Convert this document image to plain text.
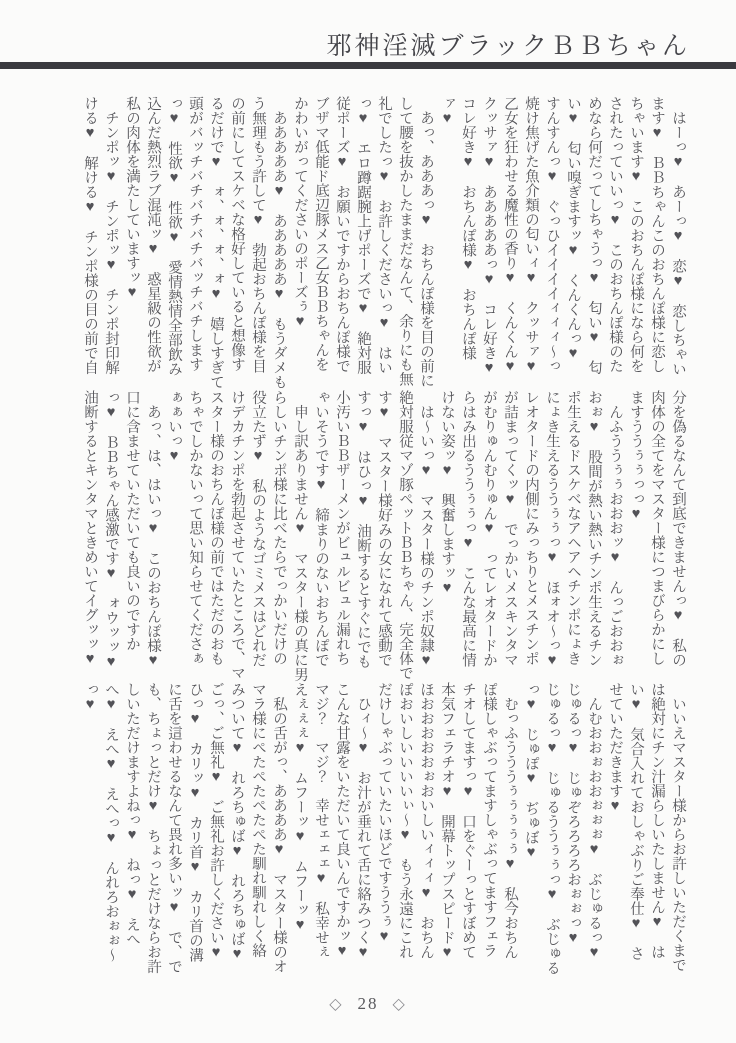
邪神淫滅ブラックＢＢちゃん

　はーっ♥　あーっ♥　恋♥　恋しちゃい

ます♥　ＢＢちゃんこのおちんぽ様に恋し

ちゃいます♥　このおちんぽ様になら何を

されたっていいっ♥　このおちんぽ様のた

めなら何だってしちゃうっ♥　匂い♥　匂

い♥　匂い嗅ぎますッ♥　くんくんっ♥

すんすんっ♥　ぐっひイイイイィィィ～っ

焼け焦げた魚介類の匂いィ♥　クッサァ♥

乙女を狂わせる魔性の香り♥　くんくん♥

クッサァ♥　あああああっ♥　コレ好き♥

コレ好き♥　おちんぽ様♥　おちんぽ様

ァ♥

　あっ、あああっ♥　おちんぽ様を目の前に

して腰を抜かしたままだなんて、余りにも無

礼でしたっ♥　お許しくださいっ♥　はい

っ♥　エロ蹲踞腕上げポーズで♥　絶対服

従ポーズ♥　お願いですからおちんぽ様で

ブザマ低能ド底辺豚メス乙女ＢＢちゃんを

かわいがってくださいのポーズぅ♥

　あああああ♥　あああああ♥　もうダメも

う無理もう許して♥　勃起おちんぽ様を目

の前にしてスケベな格好していると想像す

るだけで♥　ォ、ォ、ォ、ォ♥　嬉しすぎて

頭がバッチバチバチバチバッチバチします

っ♥　性欲♥　性欲♥　愛情熱情全部飲み

込んだ熱烈ラブ混沌ッ♥　惑星級の性欲が

私の肉体を満たしていますッ♥

　チンポッ♥　チンポッ♥　チンポ封印解

ける♥　解ける♥　チンポ様の目の前で自

分を偽るなんて到底できませんっ♥　私の

肉体の全てをマスター様につまびらかにし

ますううぅぅっっ♥

　んふううぅぅおおおッ♥　んっごおおぉ

おぉ♥　股間が熱い熱いチンポ生えるチン

ポ生えるドスケベなアヘアヘチンポにょき

にょき生えるううぅぅっ♥　ほォオ～っ♥

レオタードの内側にみっちりとメスチンポ

が詰まってくッ♥　でっかいメスキンタマ

がむりゅんむりゅん♥　ってレオタードか

らはみ出るううぅぅっ♥　こんな最高に情

けない姿ッ♥　興奮しますッ♥

　は～いっ♥　マスター様のチンポ奴隷♥

絶対服従マゾ豚ペットＢＢちゃん、完全体で

す♥　マスター様好みの女になれて感動で

すっ♥　はひっ♥　油断するとすぐにでも

小汚いＢＢザーメンがビュルビュル漏れち

ゃいそうです♥　締まりのないおちんぽで

　申し訳ありません♥　マスター様の真に男

らしいチンポ様に比べたらでっかいだけの

役立たず♥　私のようなゴミメスはどれだ

けデカチンポを勃起させていたところで、マ

スター様のおちんぽ様の前ではただのおも

ちゃでしかないって思い知らせてくださぁ

ぁぁいっ♥

　あっ、は、はいっ♥　このおちんぽ様♥

口に含ませていただいても良いのですか

っ♥　ＢＢちゃん感激です♥　ォウッッ♥

油断するとキンタマときめいてイグッッ♥

　いいえマスター様からお許しいただくまで

は絶対にチン汁漏らしいたしません♥　は

い♥　気合入れておしゃぶりご奉仕♥　さ

せていただきます♥

　んむおおぉおおぉぉぉ♥　ぶじゅるっ♥

じゅるっ♥　じゅぞろろろろおぉぉっ♥

じゅるっ♥　じゅるううぅぅっ♥　ぶじゅる

っ♥　じゅぽ♥　ぢゅぼ♥

　むっふうううぅぅぅぅぅ♥　私今おちん

ぽ様しゃぶってますしゃぶってますフェラ

チオしてますっ♥　口をぐーっとすぼめて

本気フェラチオ♥　開幕トップスピード♥

ほおおおおおぉおいしいィィィ♥　おちん

ぽおいしいいいいぃ～♥　もう永遠にこれ

だけしゃぶっていたいほどですううぅ♥

　ひィ～♥　お汁が垂れて舌に絡みつく♥

こんな甘露をいただいて良いんですかッ♥

マジ？　マジ？　幸せェェェ♥　私幸せぇ

えぇぇぇ♥　ムフーッ♥　ムフーッ♥

　私の舌がっ、ああああ♥　マスター様のオ

マラ様にぺたぺたぺたぺた馴れ馴れしく絡

みついて♥　れろちゅば♥　れろちゅば♥

ごっ、ご無礼♥　ご無礼お許しください♥

ひっ♥　カリッ♥　カリ首♥　カリ首の溝

に舌を這わせるなんて畏れ多いッ♥　で、で

も、ちょっとだけ♥　ちょっとだけならお許

しいただけますよねっ♥　ねっ♥　えへ

へ♥　えへ♥　えへっ♥　んれろおぉぉ～

っ♥

◇ 28 ◇
